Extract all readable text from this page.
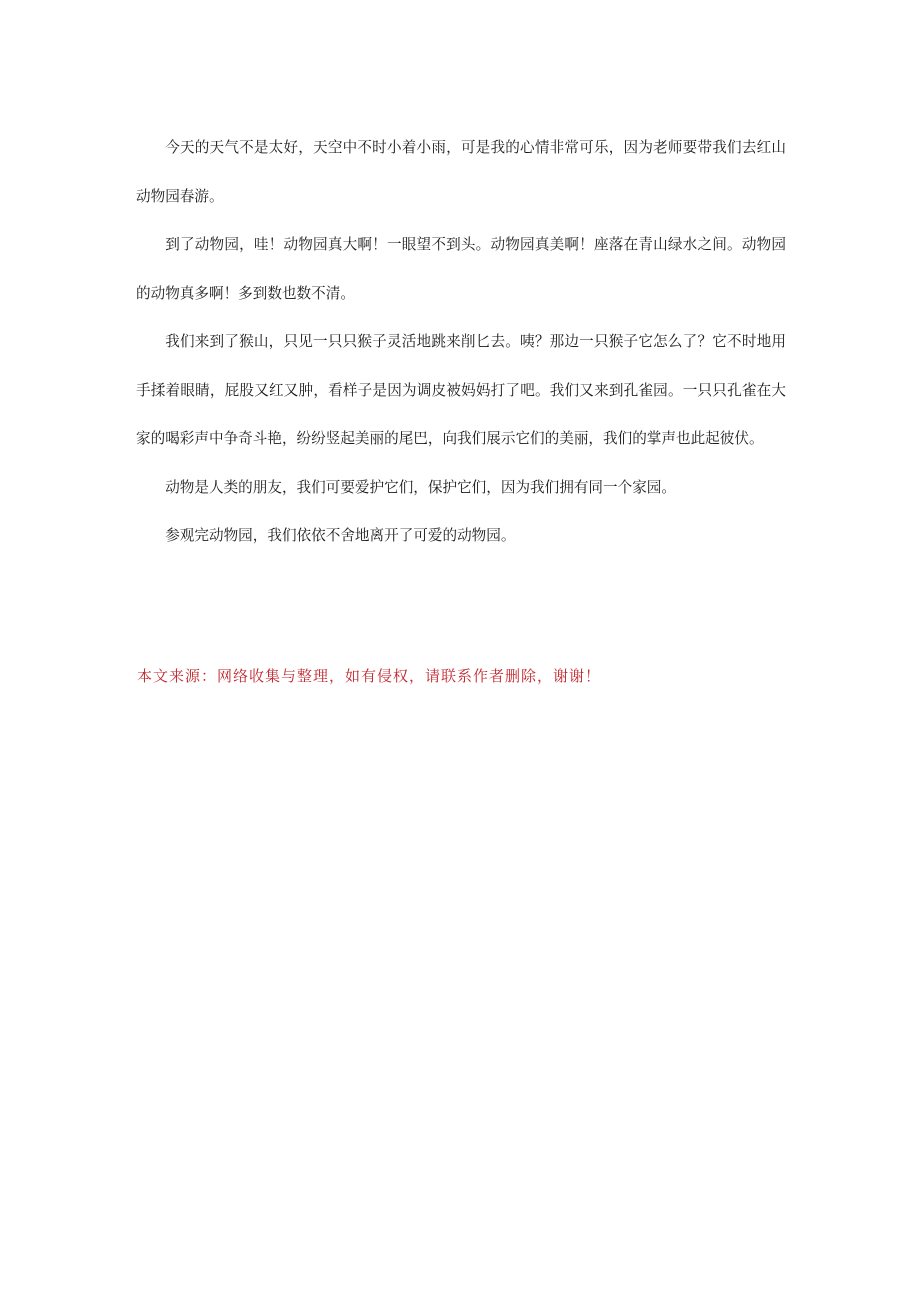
今天的天气不是太好，天空中不时小着小雨，可是我的心情非常可乐，因为老师要带我们去红山动物园春游。

到了动物园，哇！动物园真大啊！一眼望不到头。动物园真美啊！座落在青山绿水之间。动物园的动物真多啊！多到数也数不清。

我们来到了猴山，只见一只只猴子灵活地跳来削匕去。咦？那边一只猴子它怎么了？它不时地用手揉着眼睛，屁股又红又肿，看样子是因为调皮被妈妈打了吧。我们又来到孔雀园。一只只孔雀在大家的喝彩声中争奇斗艳，纷纷竖起美丽的尾巴，向我们展示它们的美丽，我们的掌声也此起彼伏。

动物是人类的朋友，我们可要爱护它们，保护它们，因为我们拥有同一个家园。

参观完动物园，我们依依不舍地离开了可爱的动物园。

本文来源：网络收集与整理，如有侵权，请联系作者删除，谢谢！
